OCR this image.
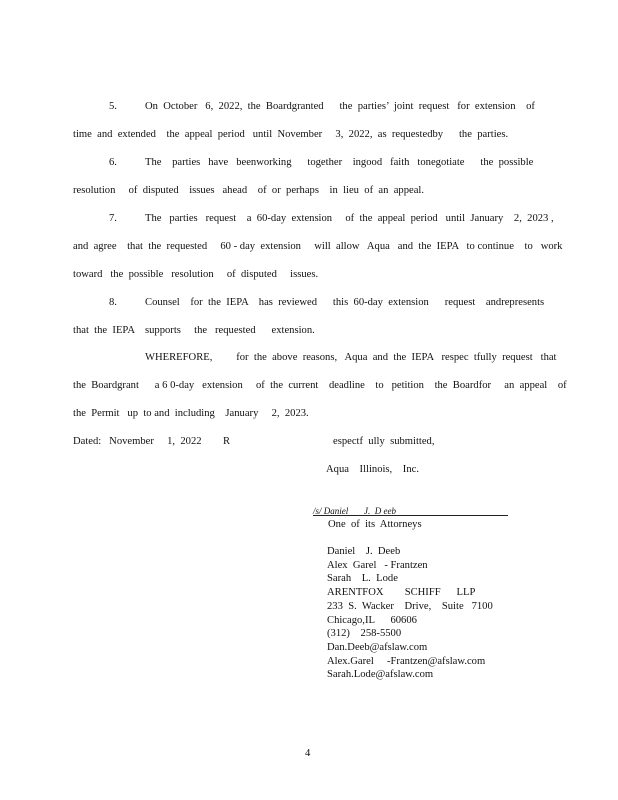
5.	On  October   6,  2022,  the  Boardgranted      the  parties’  joint  request   for  extension    of
time  and  extended    the  appeal  period   until  November     3,  2022,  as  requestedby      the  parties.
6.	The    parties   have   beenworking      together    ingood   faith   tonegotiate      the  possible
resolution     of  disputed    issues   ahead    of  or  perhaps    in  lieu  of  an  appeal.
7.	The   parties   request    a  60-day  extension     of  the  appeal  period   until  January    2,  2023 ,
and  agree    that  the  requested     60 - day  extension     will  allow   Aqua   and  the  IEPA   to continue    to   work
toward   the  possible   resolution     of  disputed     issues.
8.	Counsel    for  the  IEPA    has  reviewed      this  60-day  extension      request    andrepresents
that  the  IEPA    supports     the   requested      extension.
WHEREFORE,         for  the  above  reasons,   Aqua  and  the  IEPA   respec  tfully  request   that
the  Boardgrant      a 6 0-day   extension     of  the  current    deadline    to   petition    the  Boardfor     an  appeal    of
the  Permit   up  to and  including    January     2,  2023.
Dated:   November     1,  2022 R	espectf  ully  submitted,
Aqua    Illinois,    Inc.
/s/ Daniel       J.  D eeb
One  of  its  Attorneys
Daniel    J.  Deeb
Alex  Garel   - Frantzen
Sarah    L.  Lode
ARENTFOX        SCHIFF      LLP
233  S.  Wacker    Drive,    Suite   7100
Chicago,IL      60606
(312)    258-5500
Dan.Deeb@afslaw.com
Alex.Garel     -Frantzen@afslaw.com
Sarah.Lode@afslaw.com
4
